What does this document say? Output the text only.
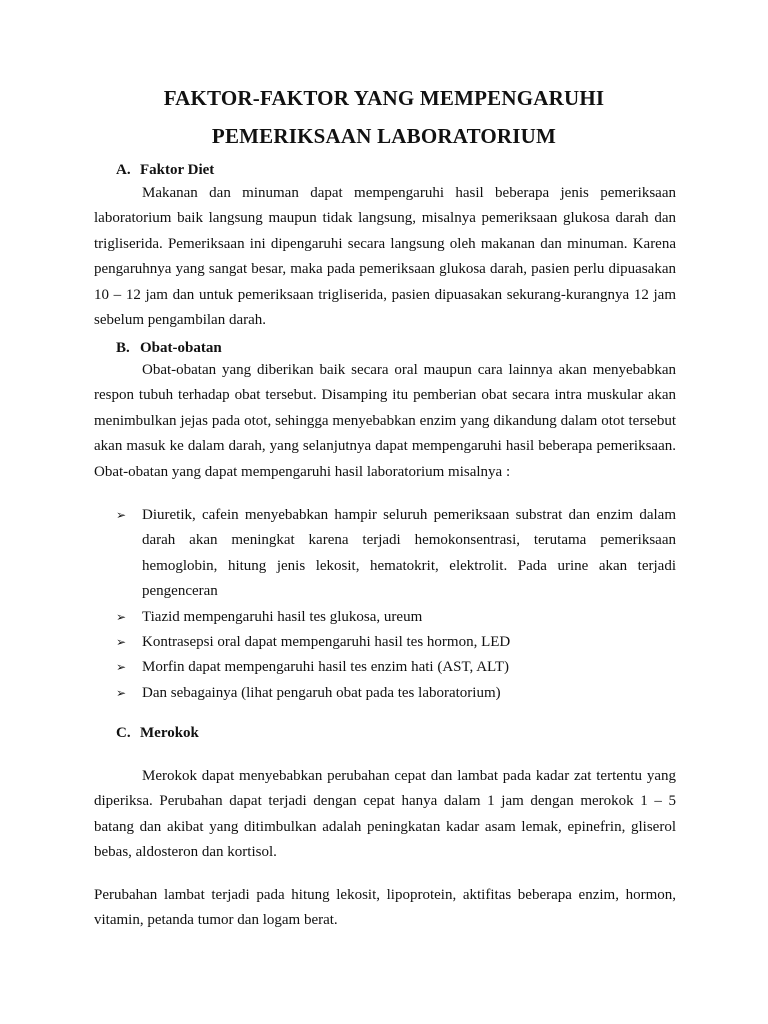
FAKTOR-FAKTOR YANG MEMPENGARUHI
PEMERIKSAAN LABORATORIUM
A. Faktor Diet
Makanan dan minuman dapat mempengaruhi hasil beberapa jenis pemeriksaan laboratorium baik langsung maupun tidak langsung, misalnya pemeriksaan glukosa darah dan trigliserida. Pemeriksaan ini dipengaruhi secara langsung oleh makanan dan minuman. Karena pengaruhnya yang sangat besar, maka pada pemeriksaan glukosa darah, pasien perlu dipuasakan 10 – 12 jam dan untuk pemeriksaan trigliserida, pasien dipuasakan sekurang-kurangnya 12 jam sebelum pengambilan darah.
B. Obat-obatan
Obat-obatan yang diberikan baik secara oral maupun cara lainnya akan menyebabkan respon tubuh terhadap obat tersebut. Disamping itu pemberian obat secara intra muskular akan menimbulkan jejas pada otot, sehingga menyebabkan enzim yang dikandung dalam otot tersebut akan masuk ke dalam darah, yang selanjutnya dapat mempengaruhi hasil beberapa pemeriksaan. Obat-obatan yang dapat mempengaruhi hasil laboratorium misalnya :
➢ Diuretik, cafein menyebabkan hampir seluruh pemeriksaan substrat dan enzim dalam darah akan meningkat karena terjadi hemokonsentrasi, terutama pemeriksaan hemoglobin, hitung jenis lekosit, hematokrit, elektrolit. Pada urine akan terjadi pengenceran
➢ Tiazid mempengaruhi hasil tes glukosa, ureum
➢ Kontrasepsi oral dapat mempengaruhi hasil tes hormon, LED
➢ Morfin dapat mempengaruhi hasil tes enzim hati (AST, ALT)
➢ Dan sebagainya (lihat pengaruh obat pada tes laboratorium)
C. Merokok
Merokok dapat menyebabkan perubahan cepat dan lambat pada kadar zat tertentu yang diperiksa. Perubahan dapat terjadi dengan cepat hanya dalam 1 jam dengan merokok 1 – 5 batang dan akibat yang ditimbulkan adalah peningkatan kadar asam lemak, epinefrin, gliserol bebas, aldosteron dan kortisol.
Perubahan lambat terjadi pada hitung lekosit, lipoprotein, aktifitas beberapa enzim, hormon, vitamin, petanda tumor dan logam berat.
